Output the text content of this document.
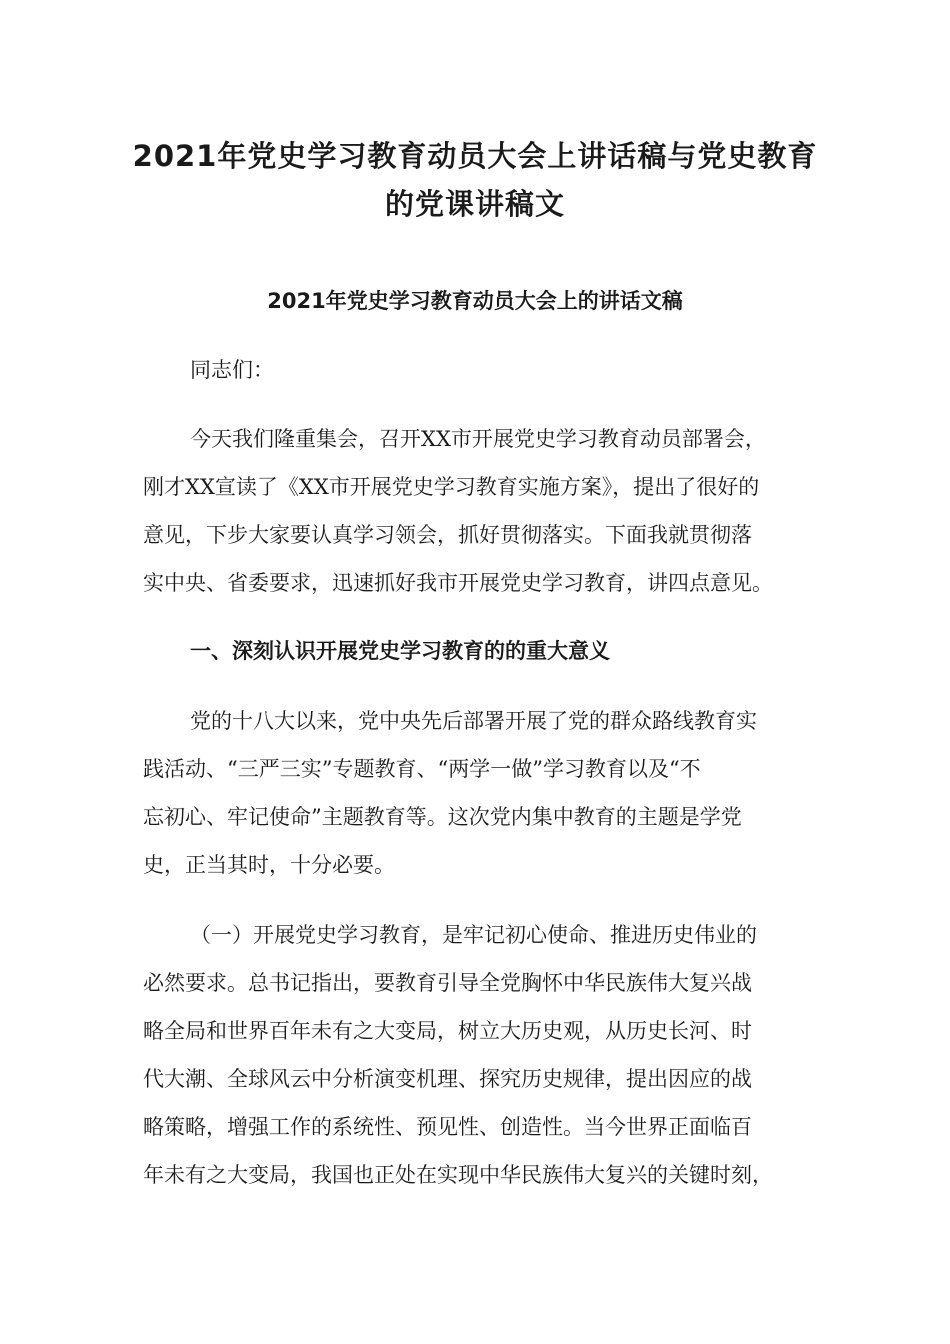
2021年党史学习教育动员大会上讲话稿与党史教育
的党课讲稿文
2021年党史学习教育动员大会上的讲话文稿

同志们：

今天我们隆重集会，召开XX市开展党史学习教育动员部署会，

刚才XX宣读了《XX市开展党史学习教育实施方案》，提出了很好的

意见，下步大家要认真学习领会，抓好贯彻落实。下面我就贯彻落

实中央、省委要求，迅速抓好我市开展党史学习教育，讲四点意见。

一、深刻认识开展党史学习教育的的重大意义

党的十八大以来，党中央先后部署开展了党的群众路线教育实

践活动、“三严三实”专题教育、“两学一做”学习教育以及“不

忘初心、牢记使命”主题教育等。这次党内集中教育的主题是学党

史，正当其时，十分必要。

（一）开展党史学习教育，是牢记初心使命、推进历史伟业的

必然要求。总书记指出，要教育引导全党胸怀中华民族伟大复兴战

略全局和世界百年未有之大变局，树立大历史观，从历史长河、时

代大潮、全球风云中分析演变机理、探究历史规律，提出因应的战

略策略，增强工作的系统性、预见性、创造性。当今世界正面临百

年未有之大变局，我国也正处在实现中华民族伟大复兴的关键时刻，
